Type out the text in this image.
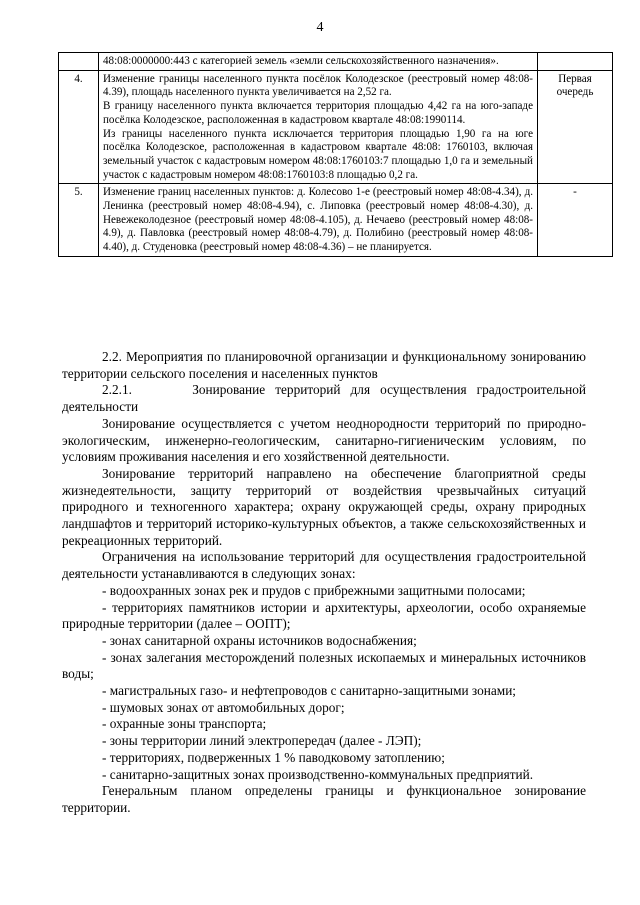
4

	48:08:0000000:443 с категорией земель «земли сельскохозяйственного назначения».	

4.	Изменение границы населенного пункта посёлок Колодезское (реестровый номер 48:08-4.39), площадь населенного пункта увеличивается на 2,52 га.
В границу населенного пункта включается территория площадью 4,42 га на юго-западе посёлка Колодезское, расположенная в кадастровом квартале 48:08:1990114.
Из границы населенного пункта исключается территория площадью 1,90 га на юге посёлка Колодезское, расположенная в кадастровом квартале 48:08: 1760103, включая земельный участок с кадастровым номером 48:08:1760103:7 площадью 1,0 га и земельный участок с кадастровым номером 48:08:1760103:8 площадью 0,2 га.	Первая очередь
5.	Изменение границ населенных пунктов: д. Колесово 1-е (реестровый номер 48:08-4.34), д. Ленинка (реестровый номер 48:08-4.94), с. Липовка (реестровый номер 48:08-4.30), д. Невежеколодезное (реестровый номер 48:08-4.105), д. Нечаево (реестровый номер 48:08-4.9), д. Павловка (реестровый номер 48:08-4.79), д. Полибино (реестровый номер 48:08-4.40), д. Студеновка (реестровый номер 48:08-4.36) – не планируется.	-

2.2. Мероприятия по планировочной организации и функциональному зонированию территории сельского поселения и населенных пунктов

2.2.1.	Зонирование территорий для осуществления градостроительной деятельности

Зонирование осуществляется с учетом неоднородности территорий по природно-экологическим, инженерно-геологическим, санитарно-гигиеническим условиям, по условиям проживания населения и его хозяйственной деятельности.

Зонирование территорий направлено на обеспечение благоприятной среды жизнедеятельности, защиту территорий от воздействия чрезвычайных ситуаций природного и техногенного характера; охрану окружающей среды, охрану природных ландшафтов и территорий историко-культурных объектов, а также сельскохозяйственных и рекреационных территорий.

Ограничения на использование территорий для осуществления градостроительной деятельности устанавливаются в следующих зонах:

- водоохранных зонах рек и прудов с прибрежными защитными полосами;

- территориях памятников истории и архитектуры, археологии, особо охраняемые природные территории (далее – ООПТ);

- зонах санитарной охраны источников водоснабжения;

- зонах залегания месторождений полезных ископаемых и минеральных источников воды;

- магистральных газо- и нефтепроводов с санитарно-защитными зонами;

- шумовых зонах от автомобильных дорог;

- охранные зоны транспорта;

- зоны территории линий электропередач (далее - ЛЭП);

- территориях, подверженных 1 % паводковому затоплению;

- санитарно-защитных зонах производственно-коммунальных предприятий.

Генеральным планом определены границы и функциональное зонирование территории.
